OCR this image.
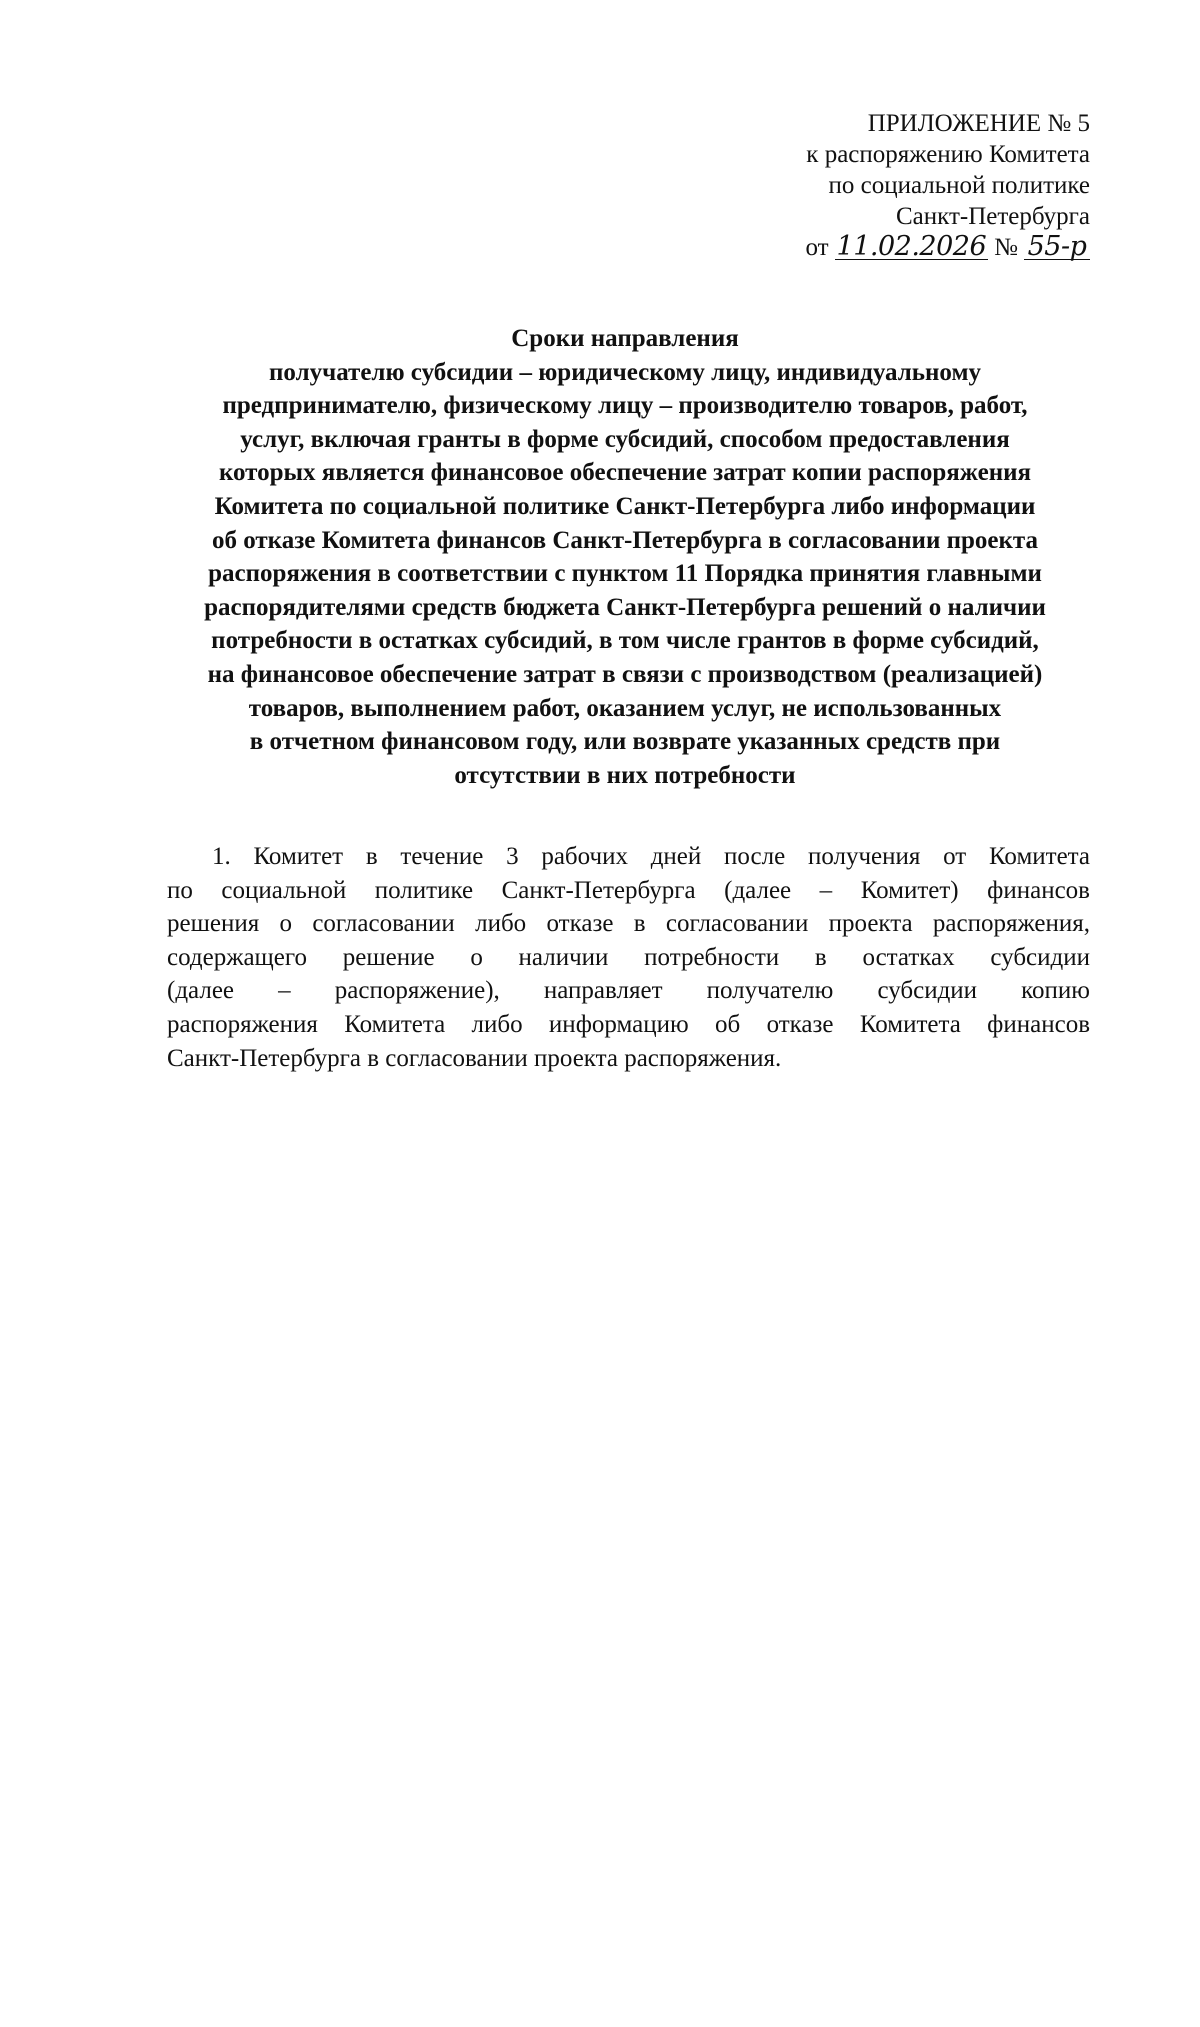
ПРИЛОЖЕНИЕ № 5
к распоряжению Комитета
по социальной политике
Санкт-Петербурга
от 11.02.2026 № 55-р
Сроки направления
получателю субсидии – юридическому лицу, индивидуальному
предпринимателю, физическому лицу – производителю товаров, работ,
услуг, включая гранты в форме субсидий, способом предоставления
которых является финансовое обеспечение затрат копии распоряжения
Комитета по социальной политике Санкт-Петербурга либо информации
об отказе Комитета финансов Санкт-Петербурга в согласовании проекта
распоряжения в соответствии с пунктом 11 Порядка принятия главными
распорядителями средств бюджета Санкт-Петербурга решений о наличии
потребности в остатках субсидий, в том числе грантов в форме субсидий,
на финансовое обеспечение затрат в связи с производством (реализацией)
товаров, выполнением работ, оказанием услуг, не использованных
в отчетном финансовом году, или возврате указанных средств при
отсутствии в них потребности
1. Комитет в течение 3 рабочих дней после получения от Комитета
по социальной политике Санкт-Петербурга (далее – Комитет) финансов
решения о согласовании либо отказе в согласовании проекта распоряжения,
содержащего решение о наличии потребности в остатках субсидии
(далее – распоряжение), направляет получателю субсидии копию
распоряжения Комитета либо информацию об отказе Комитета финансов
Санкт-Петербурга в согласовании проекта распоряжения.
